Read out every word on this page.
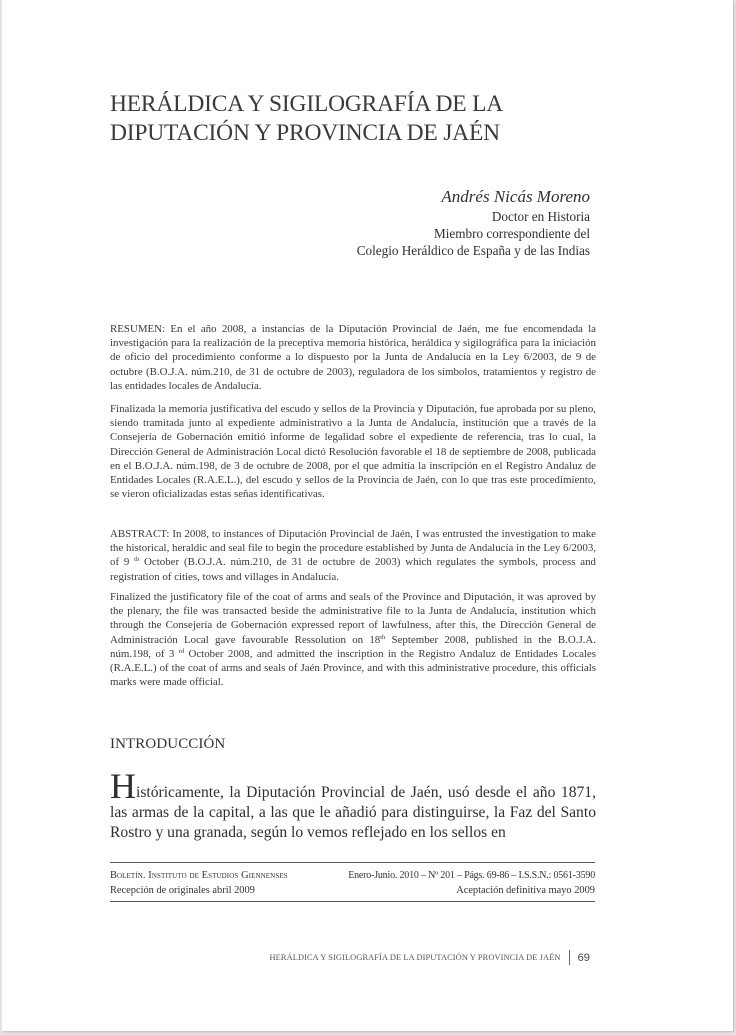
HERÁLDICA Y SIGILOGRAFÍA DE LA
DIPUTACIÓN Y PROVINCIA DE JAÉN
Andrés Nicás Moreno
Doctor en Historia
Miembro correspondiente del
Colegio Heráldico de España y de las Indias

RESUMEN: En el año 2008, a instancias de la Diputación Provincial de Jaén, me fue encomendada la investigación para la realización de la preceptiva memoria histórica, heráldica y sigilográfica para la iniciación de oficio del procedimiento conforme a lo dispuesto por la Junta de Andalucía en la Ley 6/2003, de 9 de octubre (B.O.J.A. núm.210, de 31 de octubre de 2003), reguladora de los símbolos, tratamientos y registro de las entidades locales de Andalucía.

Finalizada la memoria justificativa del escudo y sellos de la Provincia y Diputación, fue aprobada por su pleno, siendo tramitada junto al expediente administrativo a la Junta de Andalucía, institución que a través de la Consejería de Gobernación emitió informe de legalidad sobre el expediente de referencia, tras lo cual, la Dirección General de Administración Local dictó Resolución favorable el 18 de septiembre de 2008, publicada en el B.O.J.A. núm.198, de 3 de octubre de 2008, por el que admitía la inscripción en el Registro Andaluz de Entidades Locales (R.A.E.L.), del escudo y sellos de la Provincia de Jaén, con lo que tras este procedimiento, se vieron oficializadas estas señas identificativas.

ABSTRACT: In 2008, to instances of Diputación Provincial de Jaén, I was entrusted the investigation to make the historical, heraldic and seal file to begin the procedure established by Junta de Andalucía in the Ley 6/2003, of 9 $^{th}$ October (B.O.J.A. núm.210, de 31 de octubre de 2003) which regulates the symbols, process and registration of cities, tows and villages in Andalucía.

Finalized the justificatory file of the coat of arms and seals of the Province and Diputación, it was aproved by the plenary, the file was transacted beside the administrative file to la Junta de Andalucía, institution which through the Consejería de Gobernación expressed report of lawfulness, after this, the Dirección General de Administración Local gave favourable Ressolution on 18th September 2008, published in the B.O.J.A. núm.198, of 3 $^{rd}$ October 2008, and admitted the inscription in the Registro Andaluz de Entidades Locales (R.A.E.L.) of the coat of arms and seals of Jaén Province, and with this administrative procedure, this officials marks were made official.

INTRODUCCIÓN

Históricamente, la Diputación Provincial de Jaén, usó desde el año 1871, las armas de la capital, a las que le añadió para distinguirse, la Faz del Santo Rostro y una granada, según lo vemos reflejado en los sellos en

Boletín. Instituto de Estudios Giennenses	Enero-Junio. 2010 – Nº 201 – Págs. 69-86 – I.S.S.N.: 0561-3590
Recepción de originales abril 2009	Aceptación definitiva mayo 2009
HERÁLDICA Y SIGILOGRAFÍA DE LA DIPUTACIÓN Y PROVINCIA DE JAÉN 69
